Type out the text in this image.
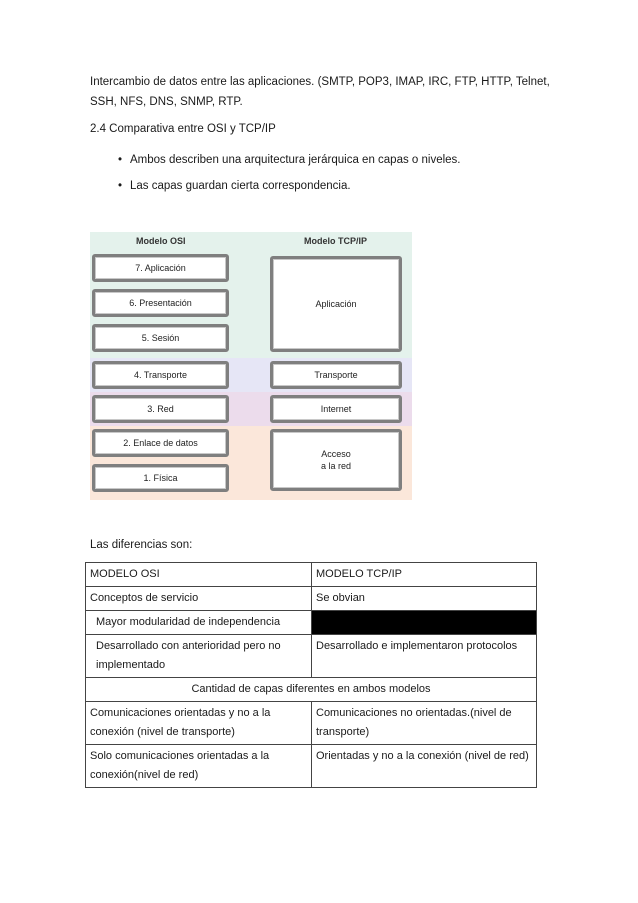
Intercambio de datos entre las aplicaciones. (SMTP, POP3, IMAP, IRC, FTP, HTTP, Telnet, SSH, NFS, DNS, SNMP, RTP.
2.4 Comparativa entre OSI y TCP/IP
• Ambos describen una arquitectura jerárquica en capas o niveles.
• Las capas guardan cierta correspondencia.
Modelo OSI	Modelo TCP/IP
7. Aplicación
6. Presentación
5. Sesión
4. Transporte
3. Red
2. Enlace de datos
1. Física
Aplicación
Transporte
Internet
Acceso
a la red
Las diferencias son:
MODELO OSI	MODELO TCP/IP
Conceptos de servicio	Se obvian
Mayor modularidad de independencia	
Desarrollado con anterioridad pero no implementado	Desarrollado e implementaron protocolos
Cantidad de capas diferentes en ambos modelos	
Comunicaciones orientadas y no a la conexión (nivel de transporte)	Comunicaciones no orientadas.(nivel de transporte)
Solo comunicaciones orientadas a la conexión(nivel de red)	Orientadas y no a la conexión (nivel de red)
